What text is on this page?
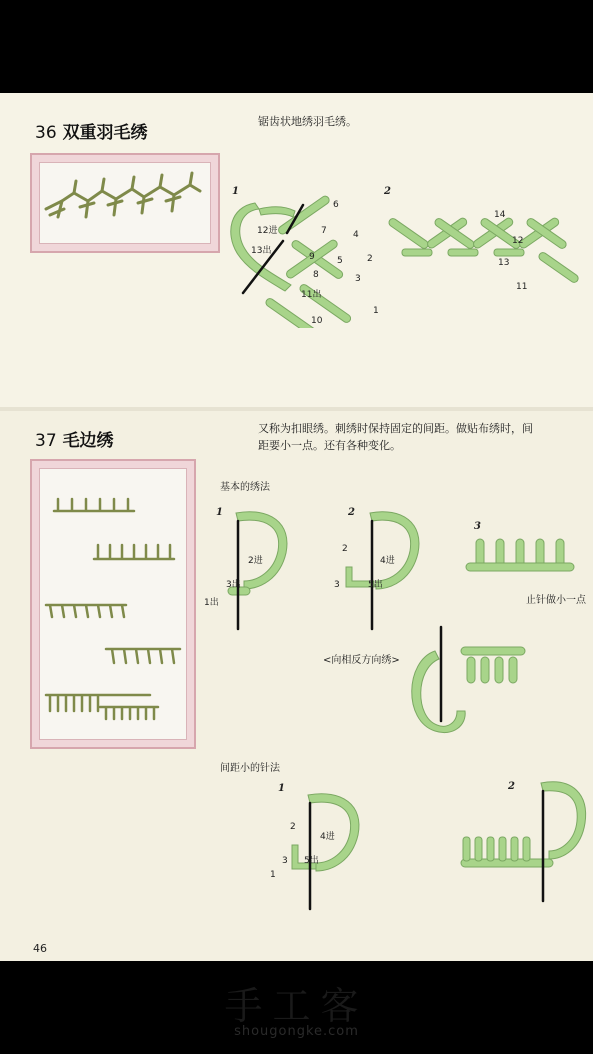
36 双重羽毛绣
锯齿状地绣羽毛绣。
1
6
12进	7	4
13出
9 5	2
8	3
11出
1
10
2
14
12
13
11
37 毛边绣
又称为扣眼绣。刺绣时保持固定的间距。做贴布绣时，间
距要小一点。还有各种变化。
基本的绣法
1
2进
3出
1出
2
2
4进
3	5出
3
止针做小一点
<向相反方向绣>
间距小的针法
1
2
4进
3 5出
1
2
46
手工客
shougongke.com
